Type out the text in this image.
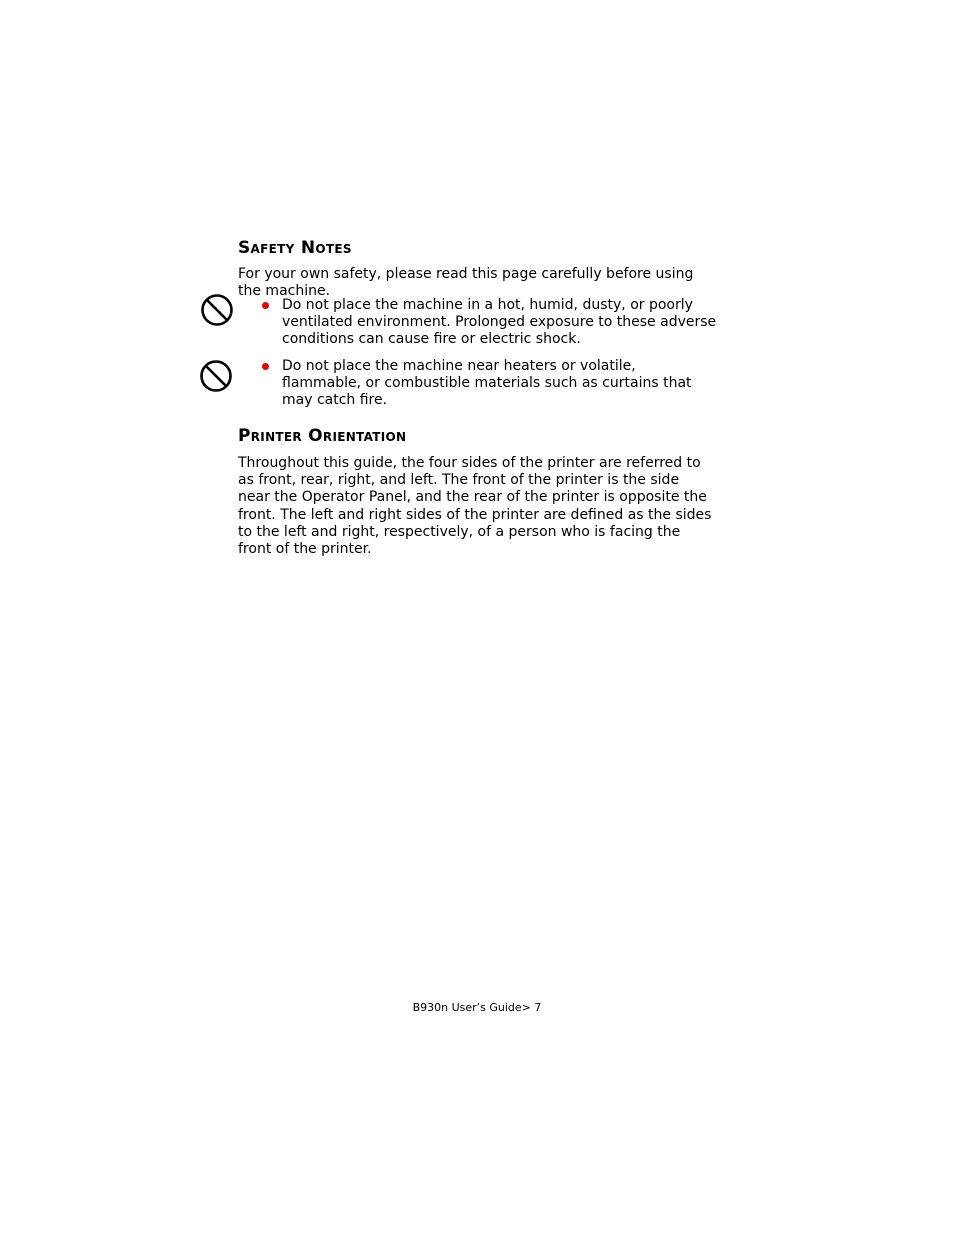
Safety Notes

For your own safety, please read this page carefully before using the machine.

Do not place the machine in a hot, humid, dusty, or poorly ventilated environment. Prolonged exposure to these adverse conditions can cause fire or electric shock.

Do not place the machine near heaters or volatile, flammable, or combustible materials such as curtains that may catch fire.

Printer Orientation

Throughout this guide, the four sides of the printer are referred to as front, rear, right, and left. The front of the printer is the side near the Operator Panel, and the rear of the printer is opposite the front. The left and right sides of the printer are defined as the sides to the left and right, respectively, of a person who is facing the front of the printer.

B930n User’s Guide> 7
